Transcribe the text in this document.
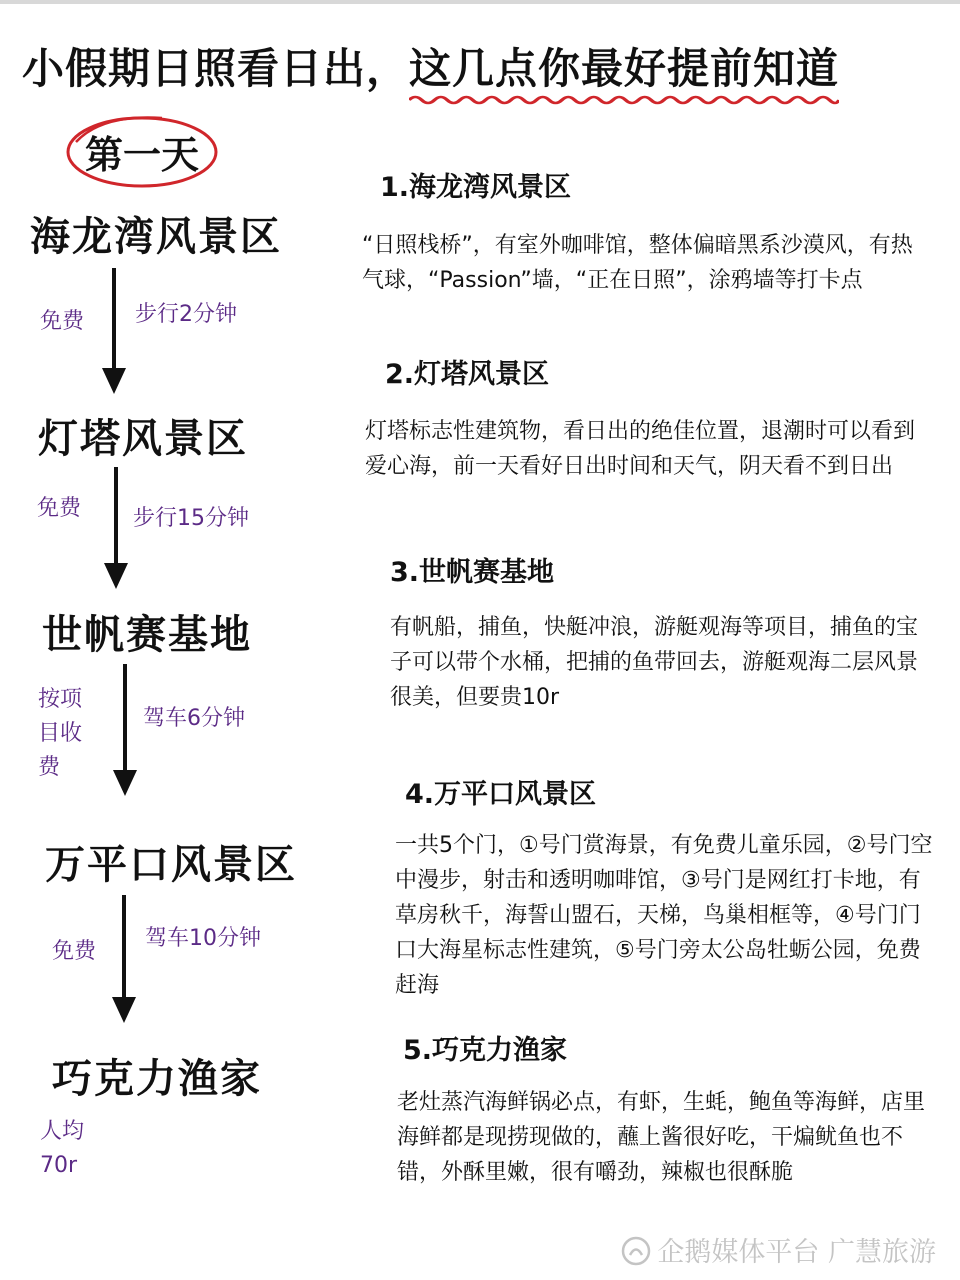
小假期日照看日出，这几点你最好提前知道
第一天
海龙湾风景区
免费 步行2分钟
灯塔风景区
免费 步行15分钟
世帆赛基地
按项目收费
驾车6分钟
万平口风景区
免费
驾车10分钟
巧克力渔家
人均70r
1.海龙湾风景区
“日照栈桥”，有室外咖啡馆，整体偏暗黑系沙漠风，有热气球，“Passion”墙，“正在日照”，涂鸦墙等打卡点
2.灯塔风景区
灯塔标志性建筑物，看日出的绝佳位置，退潮时可以看到爱心海，前一天看好日出时间和天气，阴天看不到日出
3.世帆赛基地
有帆船，捕鱼，快艇冲浪，游艇观海等项目，捕鱼的宝子可以带个水桶，把捕的鱼带回去，游艇观海二层风景很美，但要贵10r
4.万平口风景区
一共5个门，①号门赏海景，有免费儿童乐园，②号门空中漫步，射击和透明咖啡馆，③号门是网红打卡地，有草房秋千，海誓山盟石，天梯，鸟巢相框等，④号门门口大海星标志性建筑，⑤号门旁太公岛牡蛎公园，免费赶海
5.巧克力渔家
老灶蒸汽海鲜锅必点，有虾，生蚝，鲍鱼等海鲜，店里海鲜都是现捞现做的，蘸上酱很好吃，干煸鱿鱼也不错，外酥里嫩，很有嚼劲，辣椒也很酥脆
企鹅媒体平台 广慧旅游
